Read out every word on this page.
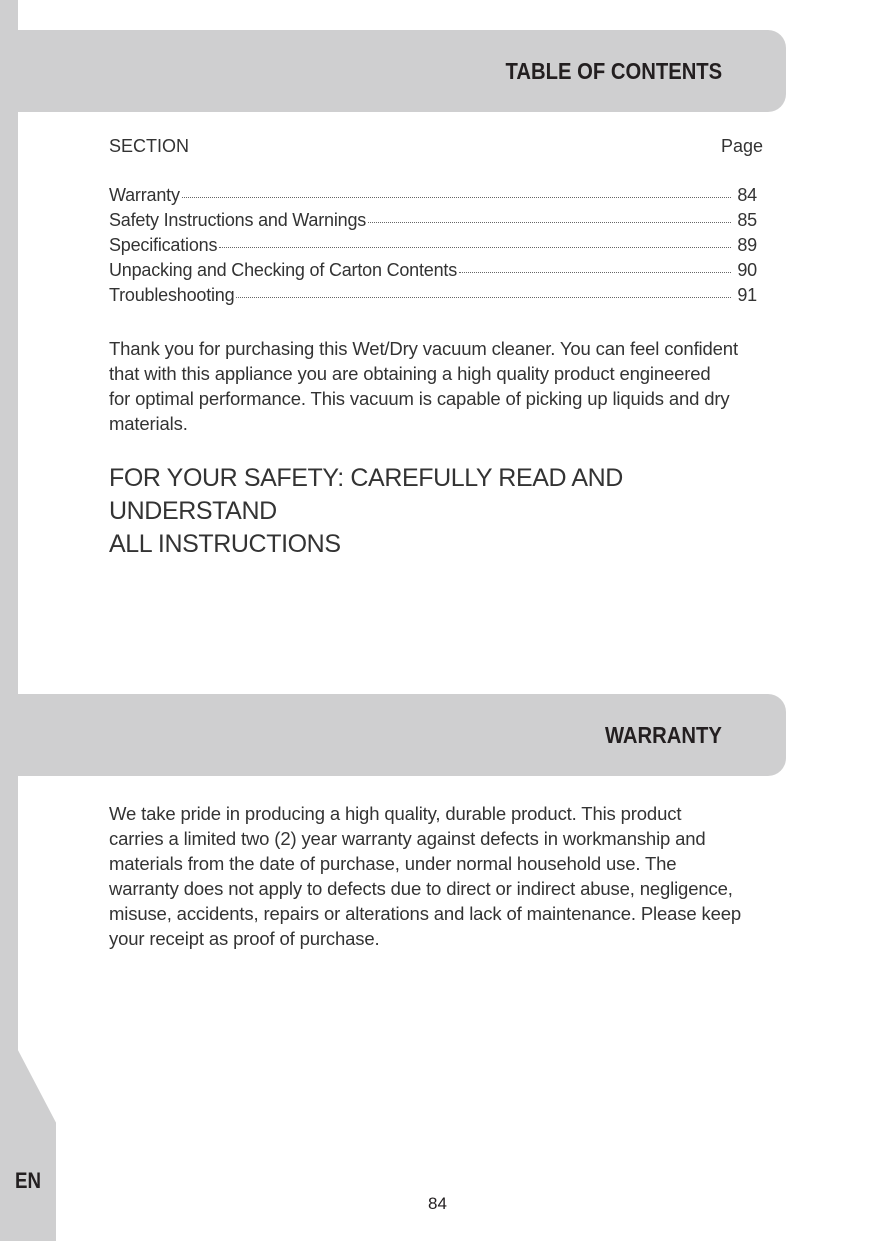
EN
TABLE OF CONTENTS
SECTION	Page
Warranty	84
Safety Instructions and Warnings	85
Specifications	89
Unpacking and Checking of Carton Contents	90
Troubleshooting	91
Thank you for purchasing this Wet/Dry vacuum cleaner. You can feel confident
that with this appliance you are obtaining a high quality product engineered
for optimal performance. This vacuum is capable of picking up liquids and dry
materials.
FOR YOUR SAFETY: CAREFULLY READ AND UNDERSTAND
ALL INSTRUCTIONS
WARRANTY
We take pride in producing a high quality, durable product. This product
carries a limited two (2) year warranty against defects in workmanship and
materials from the date of purchase, under normal household use. The
warranty does not apply to defects due to direct or indirect abuse, negligence,
misuse, accidents, repairs or alterations and lack of maintenance. Please keep
your receipt as proof of purchase.
84
